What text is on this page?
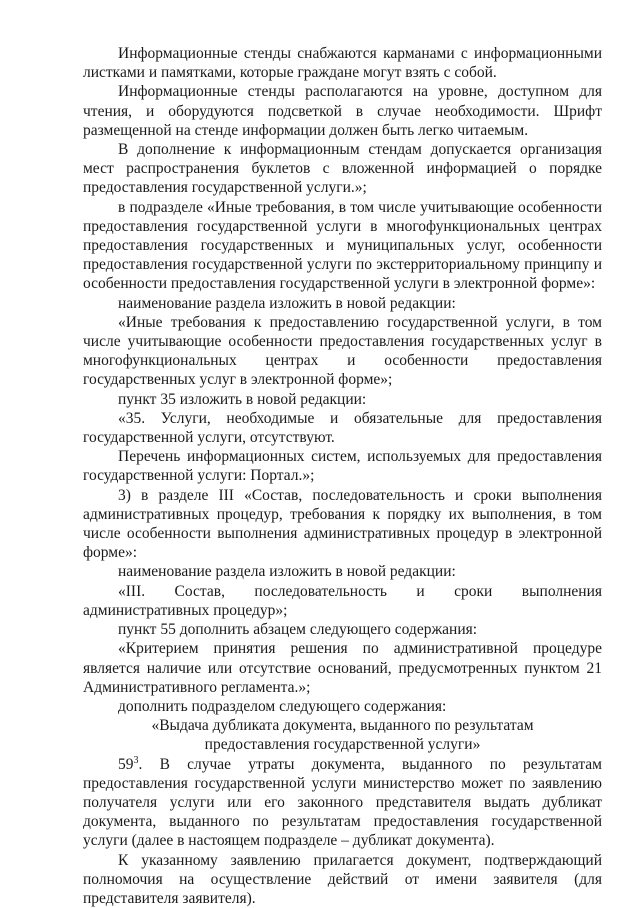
Информационные стенды снабжаются карманами с информационными листками и памятками, которые граждане могут взять с собой.

Информационные стенды располагаются на уровне, доступном для чтения, и оборудуются подсветкой в случае необходимости. Шрифт размещенной на стенде информации должен быть легко читаемым.

В дополнение к информационным стендам допускается организация мест распространения буклетов с вложенной информацией о порядке предоставления государственной услуги.»;

в подразделе «Иные требования, в том числе учитывающие особенности предоставления государственной услуги в многофункциональных центрах предоставления государственных и муниципальных услуг, особенности предоставления государственной услуги по экстерриториальному принципу и особенности предоставления государственной услуги в электронной форме»:

наименование раздела изложить в новой редакции:

«Иные требования к предоставлению государственной услуги, в том числе учитывающие особенности предоставления государственных услуг в многофункциональных центрах и особенности предоставления государственных услуг в электронной форме»;

пункт 35 изложить в новой редакции:

«35. Услуги, необходимые и обязательные для предоставления государственной услуги, отсутствуют.

Перечень информационных систем, используемых для предоставления государственной услуги: Портал.»;

3) в разделе III «Состав, последовательность и сроки выполнения административных процедур, требования к порядку их выполнения, в том числе особенности выполнения административных процедур в электронной форме»:

наименование раздела изложить в новой редакции:

«III. Состав, последовательность и сроки выполнения административных процедур»;

пункт 55 дополнить абзацем следующего содержания:

«Критерием принятия решения по административной процедуре является наличие или отсутствие оснований, предусмотренных пунктом 21 Административного регламента.»;

дополнить подразделом следующего содержания:

«Выдача дубликата документа, выданного по результатам
предоставления государственной услуги»

$59^3$. В случае утраты документа, выданного по результатам предоставления государственной услуги министерство может по заявлению получателя услуги или его законного представителя выдать дубликат документа, выданного по результатам предоставления государственной услуги (далее в настоящем подразделе – дубликат документа).

К указанному заявлению прилагается документ, подтверждающий полномочия на осуществление действий от имени заявителя (для представителя заявителя).
